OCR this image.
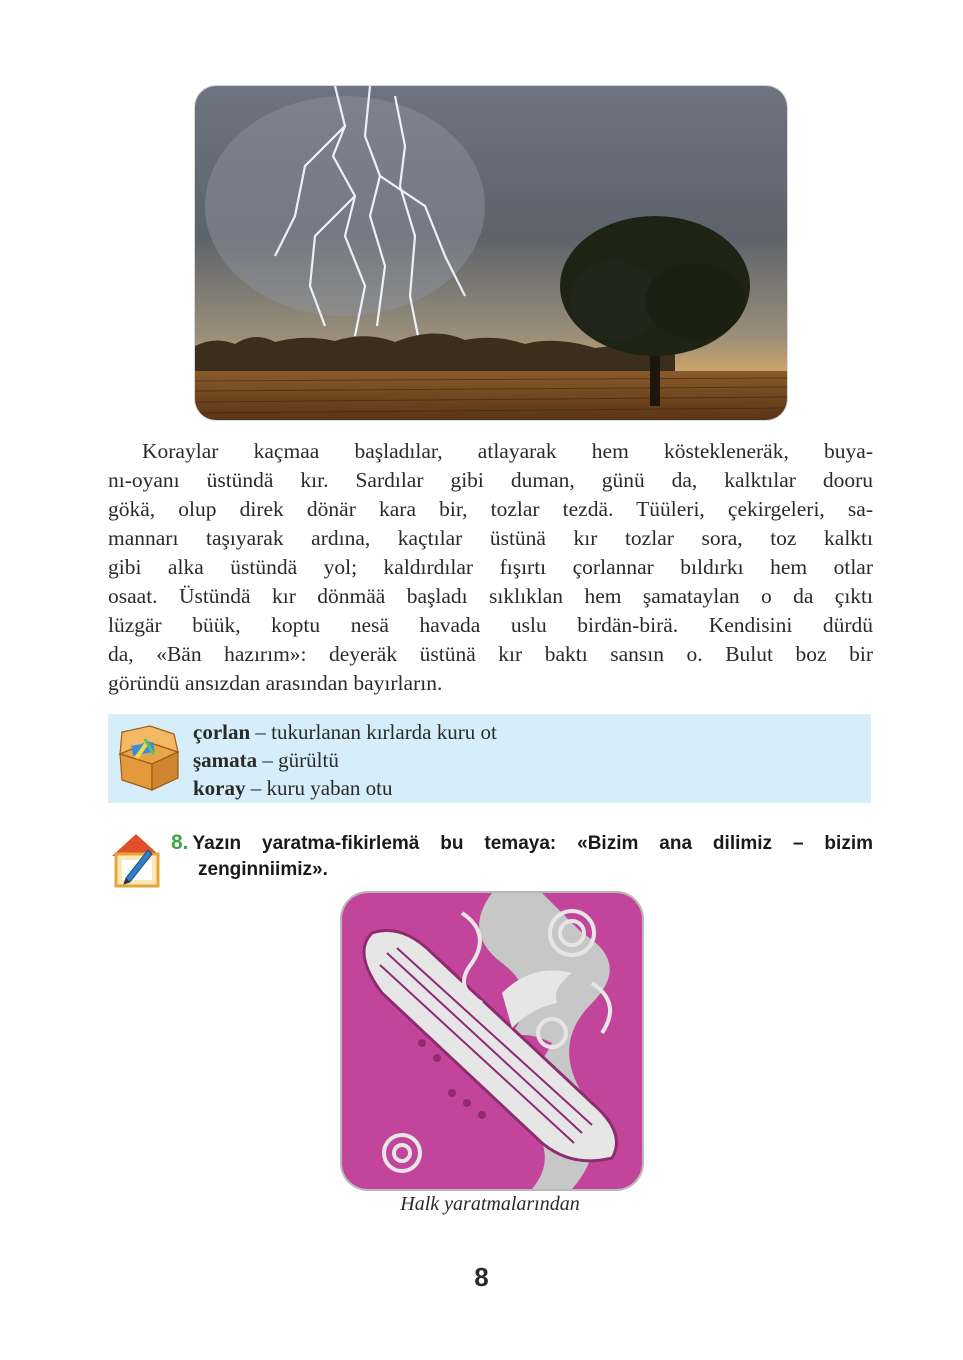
Koraylar kaçmaa başladılar, atlayarak hem köstekleneräk, buya-
nı-oyanı üstündä kır. Sardılar gibi duman, günü da, kalktılar dooru
gökä, olup direk dönär kara bir, tozlar tezdä. Tüüleri, çekirgeleri, sa-
mannarı taşıyarak ardına, kaçtılar üstünä kır tozlar sora, toz kalktı
gibi alka üstündä yol; kaldırdılar fışırtı çorlannar bıldırkı hem otlar
osaat. Üstündä kır dönmää başladı sıklıklan hem şamataylan o da çıktı
lüzgär büük, koptu nesä havada uslu birdän-birä. Kendisini dürdü
da, «Bän hazırım»: deyeräk üstünä kır baktı sansın o. Bulut boz bir
göründü ansızdan arasından bayırların.

çorlan – tukurlanan kırlarda kuru ot
şamata – gürültü
koray – kuru yaban otu
8. Yazın yaratma-fikirlemä bu temaya: «Bizim ana dilimiz – bizim
zenginniimiz».
Halk yaratmalarından
8
